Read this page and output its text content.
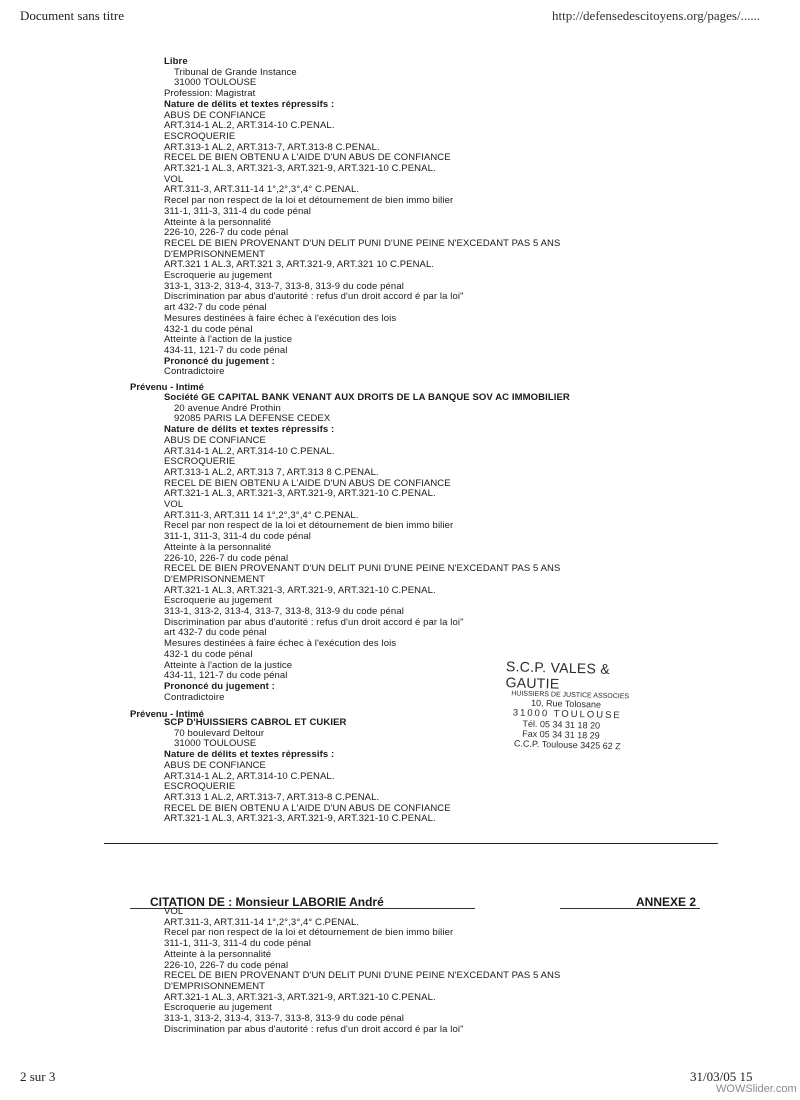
Document sans titre	http://defensedescitoyens.org/pages/......
Libre
Tribunal de Grande Instance
31000 TOULOUSE
Profession: Magistrat
Nature de délits et textes répressifs :
ABUS DE CONFIANCE
ART.314-1 AL.2, ART.314-10 C.PENAL.
ESCROQUERIE
ART.313-1 AL.2, ART.313-7, ART.313-8 C.PENAL.
RECEL DE BIEN OBTENU A L'AIDE D'UN ABUS DE CONFIANCE
ART.321-1 AL.3, ART.321-3, ART.321-9, ART.321-10 C.PENAL.
VOL
ART.311-3, ART.311-14 1°,2°,3°,4° C.PENAL.
Recel par non respect de la loi et détournement de bien immo bilier
311-1, 311-3, 311-4 du code pénal
Atteinte à la personnalité
226-10, 226-7 du code pénal
RECEL DE BIEN PROVENANT D'UN DELIT PUNI D'UNE PEINE N'EXCEDANT PAS 5 ANS
D'EMPRISONNEMENT
ART.321 1 AL.3, ART.321 3, ART.321-9, ART.321 10 C.PENAL.
Escroquerie au jugement
313-1, 313-2, 313-4, 313-7, 313-8, 313-9 du code pénal
Discrimination par abus d'autorité : refus d'un droit accord é par la loi"
art 432-7 du code pénal
Mesures destinées à faire échec à l'exécution des lois
432-1 du code pénal
Atteinte à l'action de la justice
434-11, 121-7 du code pénal
Prononcé du jugement :
Contradictoire
Prévenu - Intimé
Société GE CAPITAL BANK VENANT AUX DROITS DE LA BANQUE SOV AC IMMOBILIER
20 avenue André Prothin
92085 PARIS LA DEFENSE CEDEX
Nature de délits et textes répressifs :
ABUS DE CONFIANCE
ART.314-1 AL.2, ART.314-10 C.PENAL.
ESCROQUERIE
ART.313-1 AL.2, ART.313 7, ART.313 8 C.PENAL.
RECEL DE BIEN OBTENU A L'AIDE D'UN ABUS DE CONFIANCE
ART.321-1 AL.3, ART.321-3, ART.321-9, ART.321-10 C.PENAL.
VOL
ART.311-3, ART.311 14 1°,2°,3°,4° C.PENAL.
Recel par non respect de la loi et détournement de bien immo bilier
311-1, 311-3, 311-4 du code pénal
Atteinte à la personnalité
226-10, 226-7 du code pénal
RECEL DE BIEN PROVENANT D'UN DELIT PUNI D'UNE PEINE N'EXCEDANT PAS 5 ANS
D'EMPRISONNEMENT
ART.321-1 AL.3, ART.321-3, ART.321-9, ART.321-10 C.PENAL.
Escroquerie au jugement
313-1, 313-2, 313-4, 313-7, 313-8, 313-9 du code pénal
Discrimination par abus d'autorité : refus d'un droit accord é par la loi"
art 432-7 du code pénal
Mesures destinées à faire échec à l'exécution des lois
432-1 du code pénal
Atteinte à l'action de la justice
434-11, 121-7 du code pénal
Prononcé du jugement :
Contradictoire
S.C.P. VALES & GAUTIE
HUISSIERS DE JUSTICE ASSOCIES
10, Rue Tolosane
31000 TOULOUSE
Tél. 05 34 31 18 20
Fax 05 34 31 18 29
C.C.P. Toulouse 3425 62 Z
Prévenu - Intimé
SCP D'HUISSIERS CABROL ET CUKIER
70 boulevard Deltour
31000 TOULOUSE
Nature de délits et textes répressifs :
ABUS DE CONFIANCE
ART.314-1 AL.2, ART.314-10 C.PENAL.
ESCROQUERIE
ART.313 1 AL.2, ART.313-7, ART.313-8 C.PENAL.
RECEL DE BIEN OBTENU A L'AIDE D'UN ABUS DE CONFIANCE
ART.321-1 AL.3, ART.321-3, ART.321-9, ART.321-10 C.PENAL.
CITATION DE : Monsieur LABORIE André	ANNEXE 2
VOL
ART.311-3, ART.311-14 1°,2°,3°,4° C.PENAL.
Recel par non respect de la loi et détournement de bien immo bilier
311-1, 311-3, 311-4 du code pénal
Atteinte à la personnalité
226-10, 226-7 du code pénal
RECEL DE BIEN PROVENANT D'UN DELIT PUNI D'UNE PEINE N'EXCEDANT PAS 5 ANS
D'EMPRISONNEMENT
ART.321-1 AL.3, ART.321-3, ART.321-9, ART.321-10 C.PENAL.
Escroquerie au jugement
313-1, 313-2, 313-4, 313-7, 313-8, 313-9 du code pénal
Discrimination par abus d'autorité : refus d'un droit accord é par la loi"
2 sur 3	31/03/05 15
WOWSlider.com
